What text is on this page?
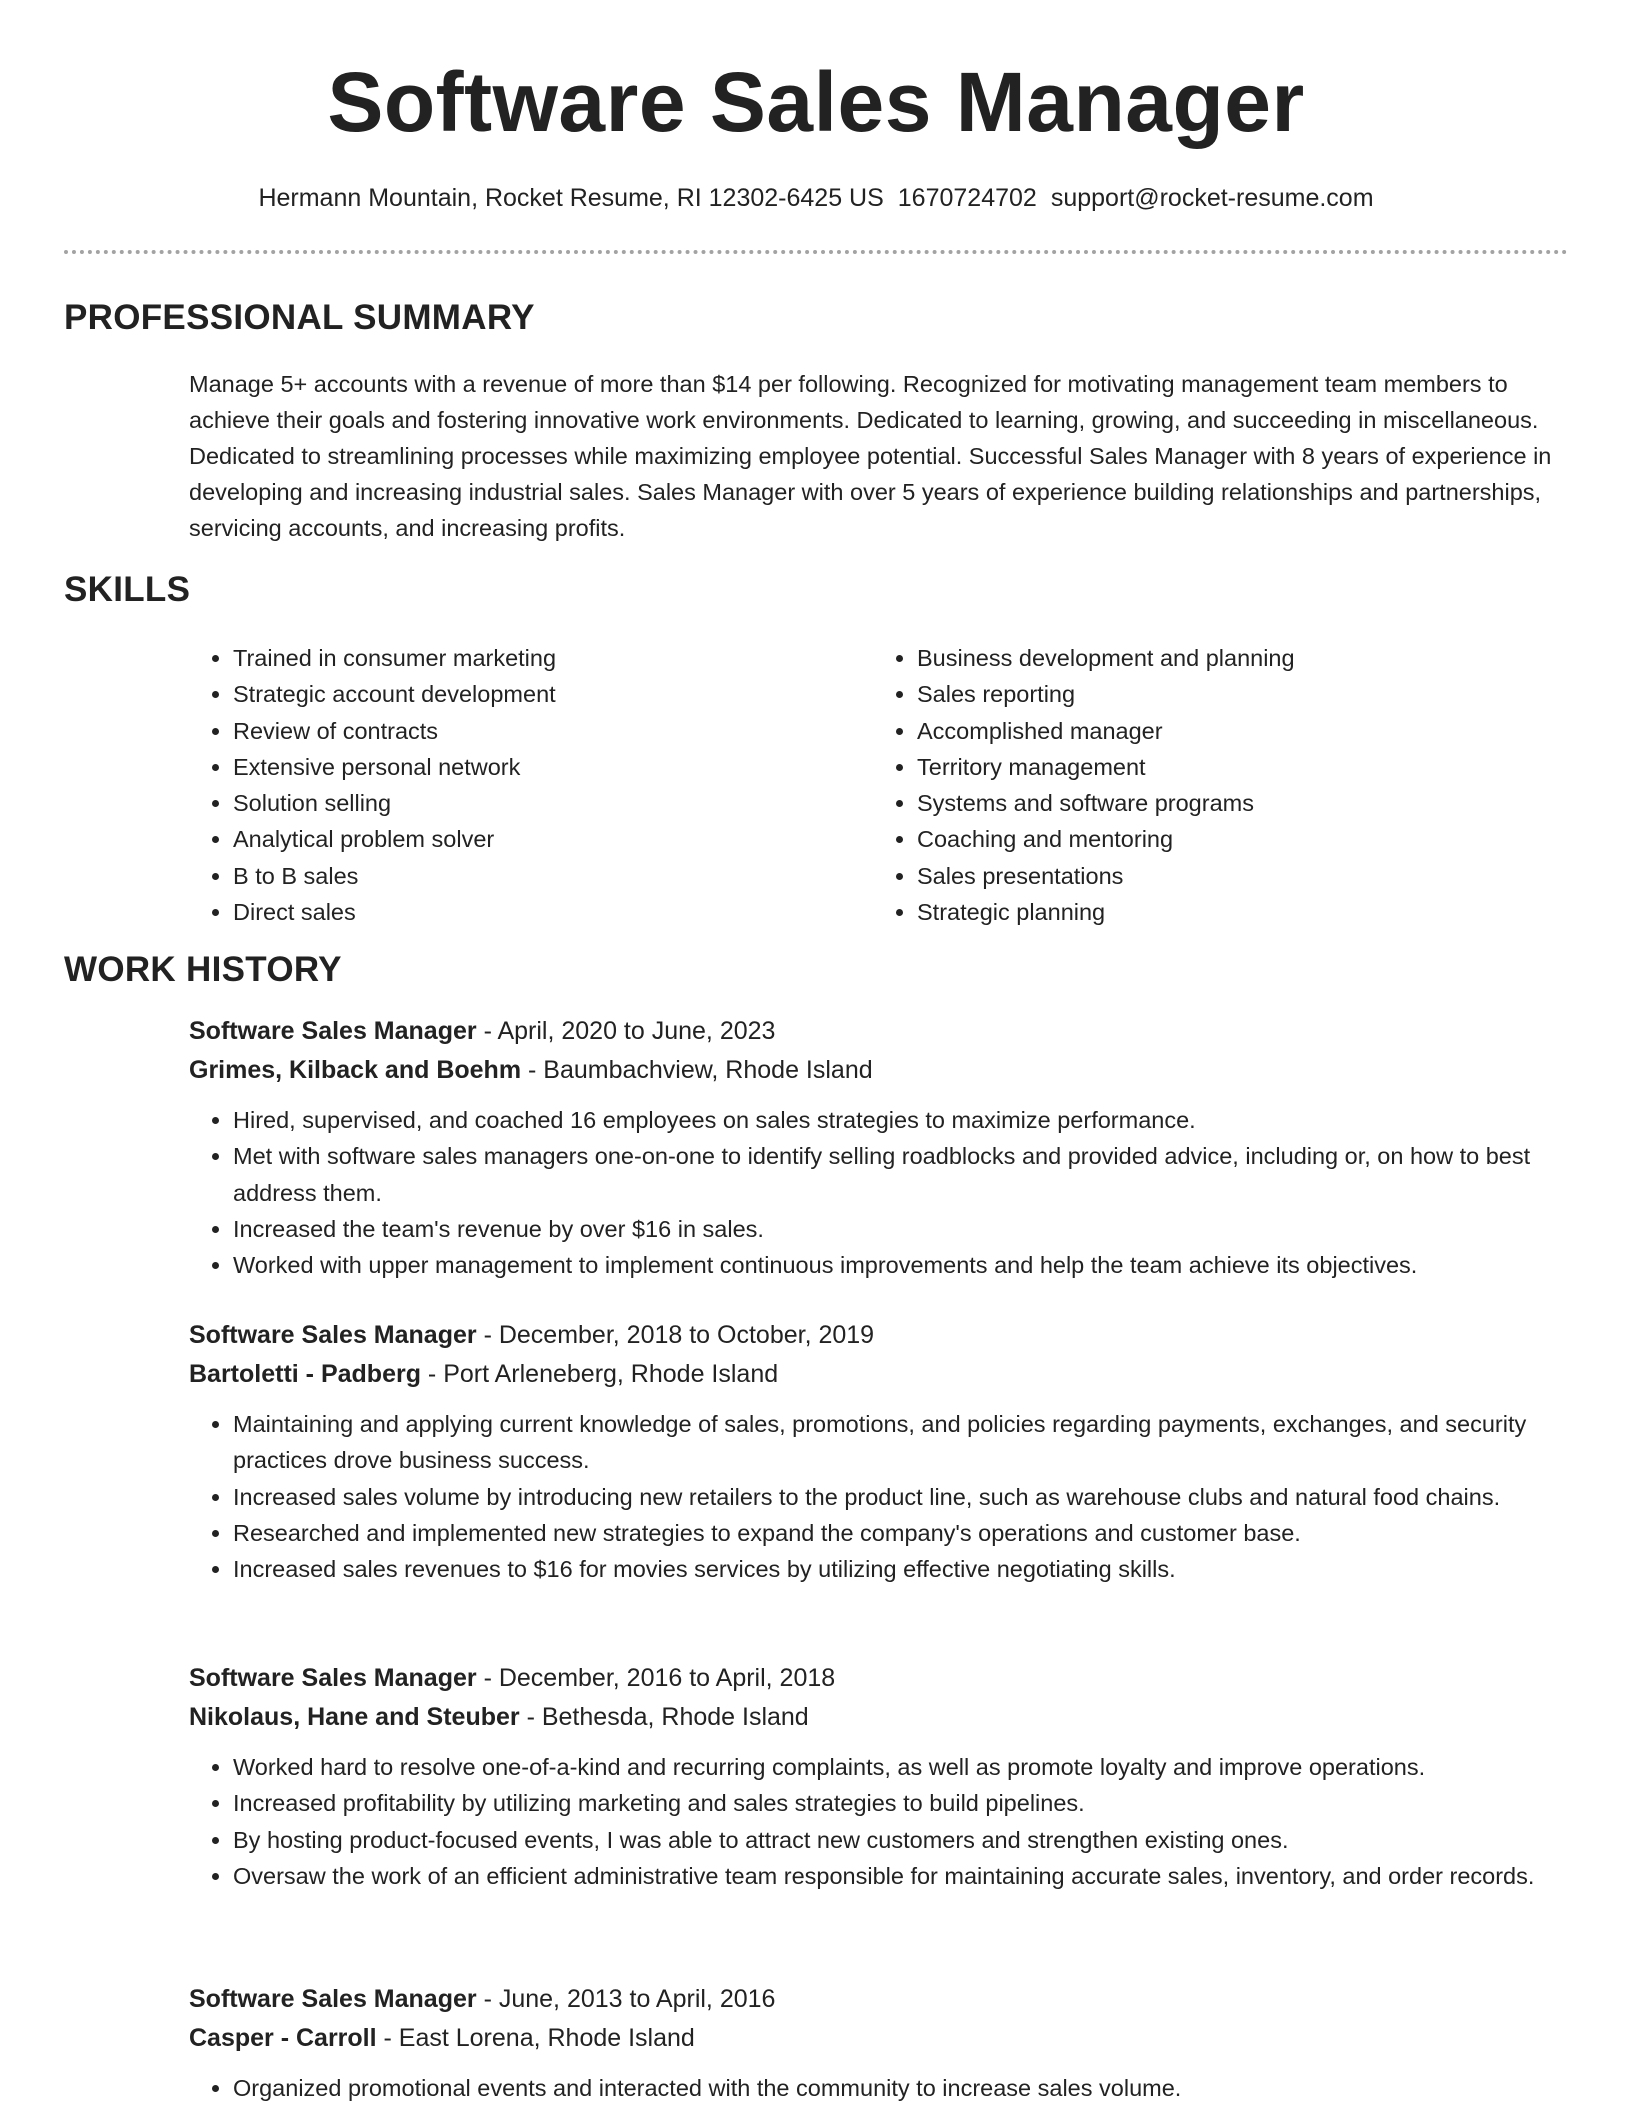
Software Sales Manager
Hermann Mountain, Rocket Resume, RI 12302-6425 US 1670724702 support@rocket-resume.com
PROFESSIONAL SUMMARY

Manage 5+ accounts with a revenue of more than $14 per following. Recognized for motivating management team members to achieve their goals and fostering innovative work environments. Dedicated to learning, growing, and succeeding in miscellaneous. Dedicated to streamlining processes while maximizing employee potential. Successful Sales Manager with 8 years of experience in developing and increasing industrial sales. Sales Manager with over 5 years of experience building relationships and partnerships, servicing accounts, and increasing profits.

SKILLS
• Trained in consumer marketing
• Strategic account development
• Review of contracts
• Extensive personal network
• Solution selling
• Analytical problem solver
• B to B sales
• Direct sales
• Business development and planning
• Sales reporting
• Accomplished manager
• Territory management
• Systems and software programs
• Coaching and mentoring
• Sales presentations
• Strategic planning
WORK HISTORY
Software Sales Manager - April, 2020 to June, 2023
Grimes, Kilback and Boehm - Baumbachview, Rhode Island
• Hired, supervised, and coached 16 employees on sales strategies to maximize performance.
• Met with software sales managers one-on-one to identify selling roadblocks and provided advice, including or, on how to best address them.
• Increased the team's revenue by over $16 in sales.
• Worked with upper management to implement continuous improvements and help the team achieve its objectives.
Software Sales Manager - December, 2018 to October, 2019
Bartoletti - Padberg - Port Arleneberg, Rhode Island
• Maintaining and applying current knowledge of sales, promotions, and policies regarding payments, exchanges, and security practices drove business success.
• Increased sales volume by introducing new retailers to the product line, such as warehouse clubs and natural food chains.
• Researched and implemented new strategies to expand the company's operations and customer base.
• Increased sales revenues to $16 for movies services by utilizing effective negotiating skills.
Software Sales Manager - December, 2016 to April, 2018
Nikolaus, Hane and Steuber - Bethesda, Rhode Island
• Worked hard to resolve one-of-a-kind and recurring complaints, as well as promote loyalty and improve operations.
• Increased profitability by utilizing marketing and sales strategies to build pipelines.
• By hosting product-focused events, I was able to attract new customers and strengthen existing ones.
• Oversaw the work of an efficient administrative team responsible for maintaining accurate sales, inventory, and order records.
Software Sales Manager - June, 2013 to April, 2016
Casper - Carroll - East Lorena, Rhode Island
• Organized promotional events and interacted with the community to increase sales volume.
